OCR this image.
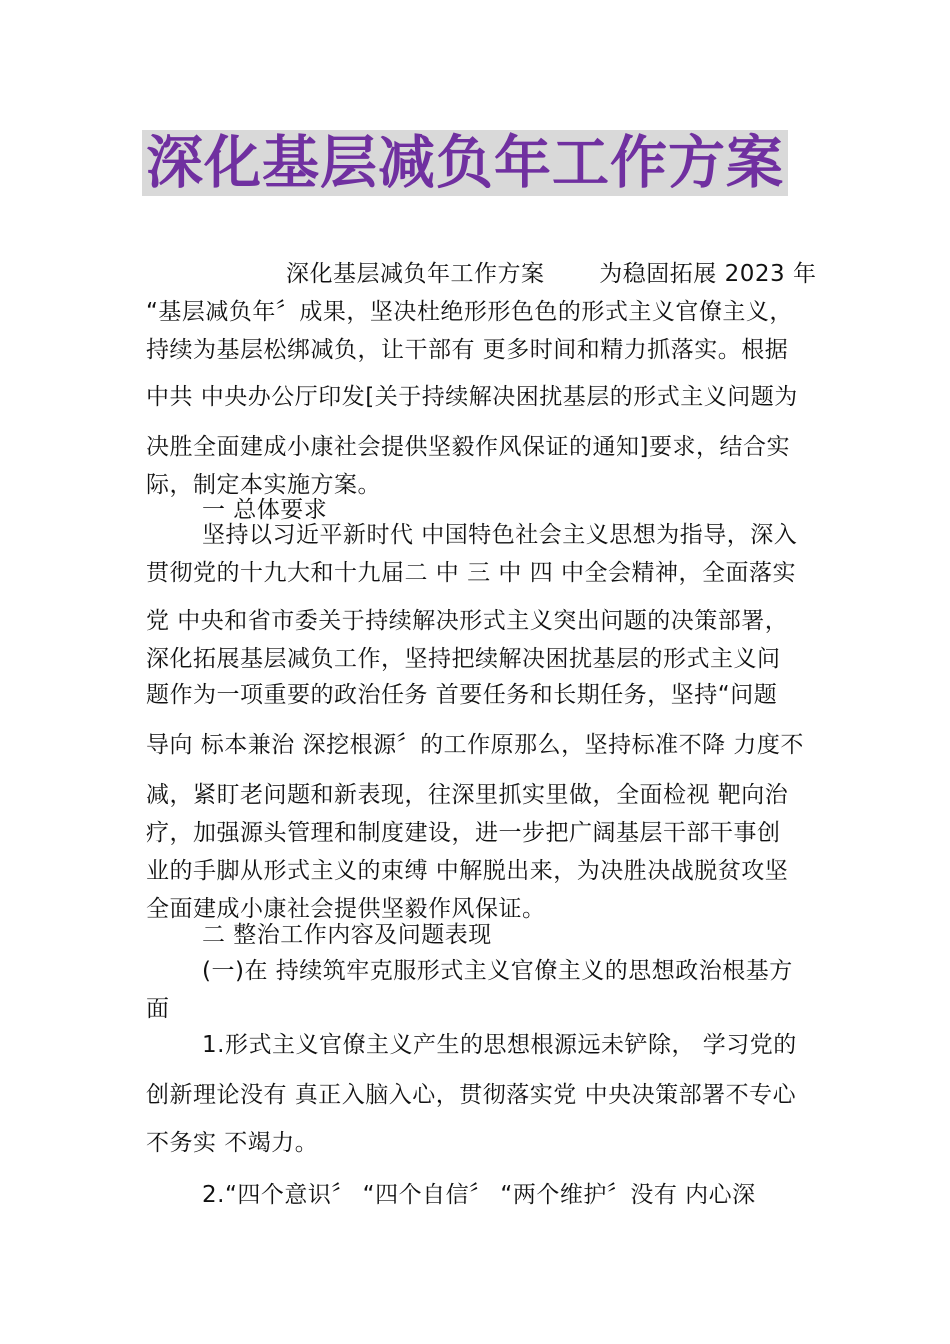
深化基层减负年工作方案
深化基层减负年工作方案　　 为稳固拓展 2023 年
“基层减负年〞成果，坚决杜绝形形色色的形式主义官僚主义，
持续为基层松绑减负，让干部有 更多时间和精力抓落实。根据
中共 中央办公厅印发[关于持续解决困扰基层的形式主义问题为
决胜全面建成小康社会提供坚毅作风保证的通知]要求，结合实
际，制定本实施方案。
一 总体要求
坚持以习近平新时代 中国特色社会主义思想为指导，深入
贯彻党的十九大和十九届二 中 三 中 四 中全会精神，全面落实
党 中央和省市委关于持续解决形式主义突出问题的决策部署，
深化拓展基层减负工作，坚持把续解决困扰基层的形式主义问
题作为一项重要的政治任务 首要任务和长期任务，坚持“问题
导向 标本兼治 深挖根源〞的工作原那么，坚持标准不降 力度不
减，紧盯老问题和新表现，往深里抓实里做，全面检视 靶向治
疗，加强源头管理和制度建设，进一步把广阔基层干部干事创
业的手脚从形式主义的束缚 中解脱出来，为决胜决战脱贫攻坚
全面建成小康社会提供坚毅作风保证。
二 整治工作内容及问题表现
(一)在 持续筑牢克服形式主义官僚主义的思想政治根基方
面
1.形式主义官僚主义产生的思想根源远未铲除， 学习党的
创新理论没有 真正入脑入心，贯彻落实党 中央决策部署不专心
不务实 不竭力。
2.“四个意识〞 “四个自信〞 “两个维护〞没有 内心深
